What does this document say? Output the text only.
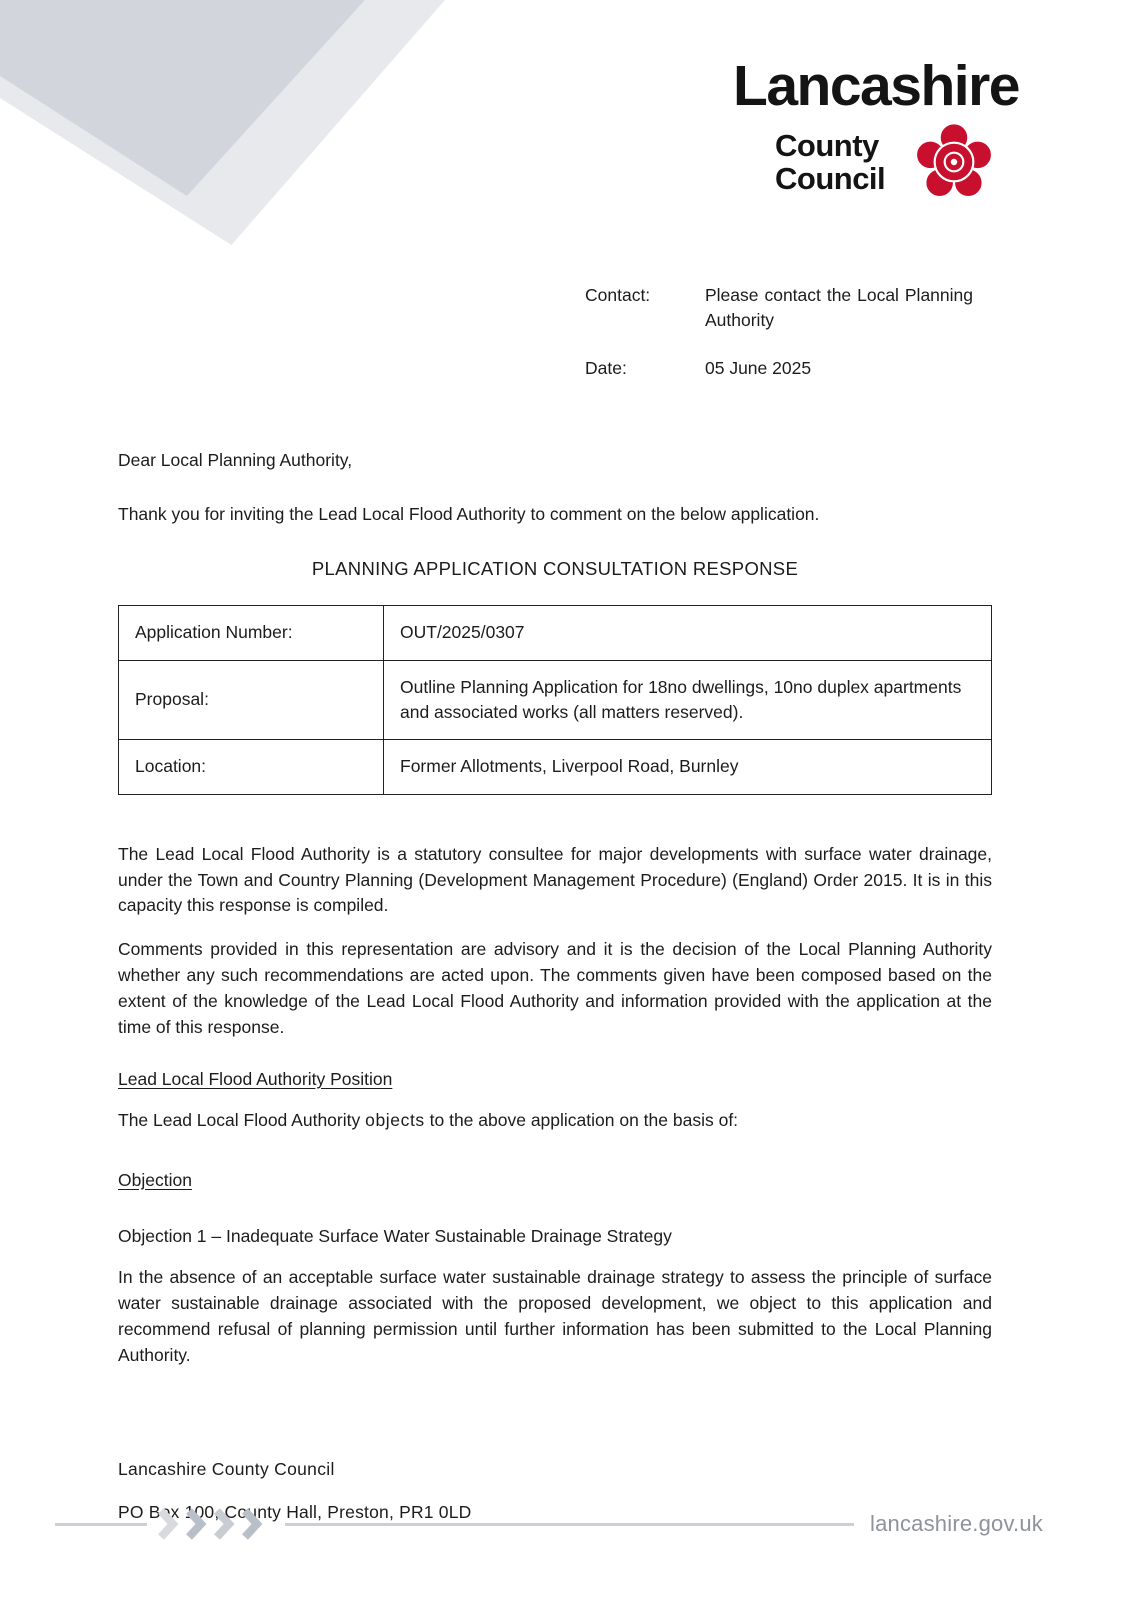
Lancashire
County
Council
Contact:	Please contact the Local Planning Authority
Date:	05 June 2025
Dear Local Planning Authority,
Thank you for inviting the Lead Local Flood Authority to comment on the below application.
PLANNING APPLICATION CONSULTATION RESPONSE
Application Number:	OUT/2025/0307
Proposal:	Outline Planning Application for 18no dwellings, 10no duplex apartments and associated works (all matters reserved).
Location:	Former Allotments, Liverpool Road, Burnley

The Lead Local Flood Authority is a statutory consultee for major developments with surface water drainage, under the Town and Country Planning (Development Management Procedure) (England) Order 2015. It is in this capacity this response is compiled.

Comments provided in this representation are advisory and it is the decision of the Local Planning Authority whether any such recommendations are acted upon. The comments given have been composed based on the extent of the knowledge of the Lead Local Flood Authority and information provided with the application at the time of this response.

Lead Local Flood Authority Position
The Lead Local Flood Authority objects to the above application on the basis of:
Objection
Objection 1 – Inadequate Surface Water Sustainable Drainage Strategy

In the absence of an acceptable surface water sustainable drainage strategy to assess the principle of surface water sustainable drainage associated with the proposed development, we object to this application and recommend refusal of planning permission until further information has been submitted to the Local Planning Authority.

Lancashire County Council
PO Box 100, County Hall, Preston, PR1 0LD	lancashire.gov.uk
